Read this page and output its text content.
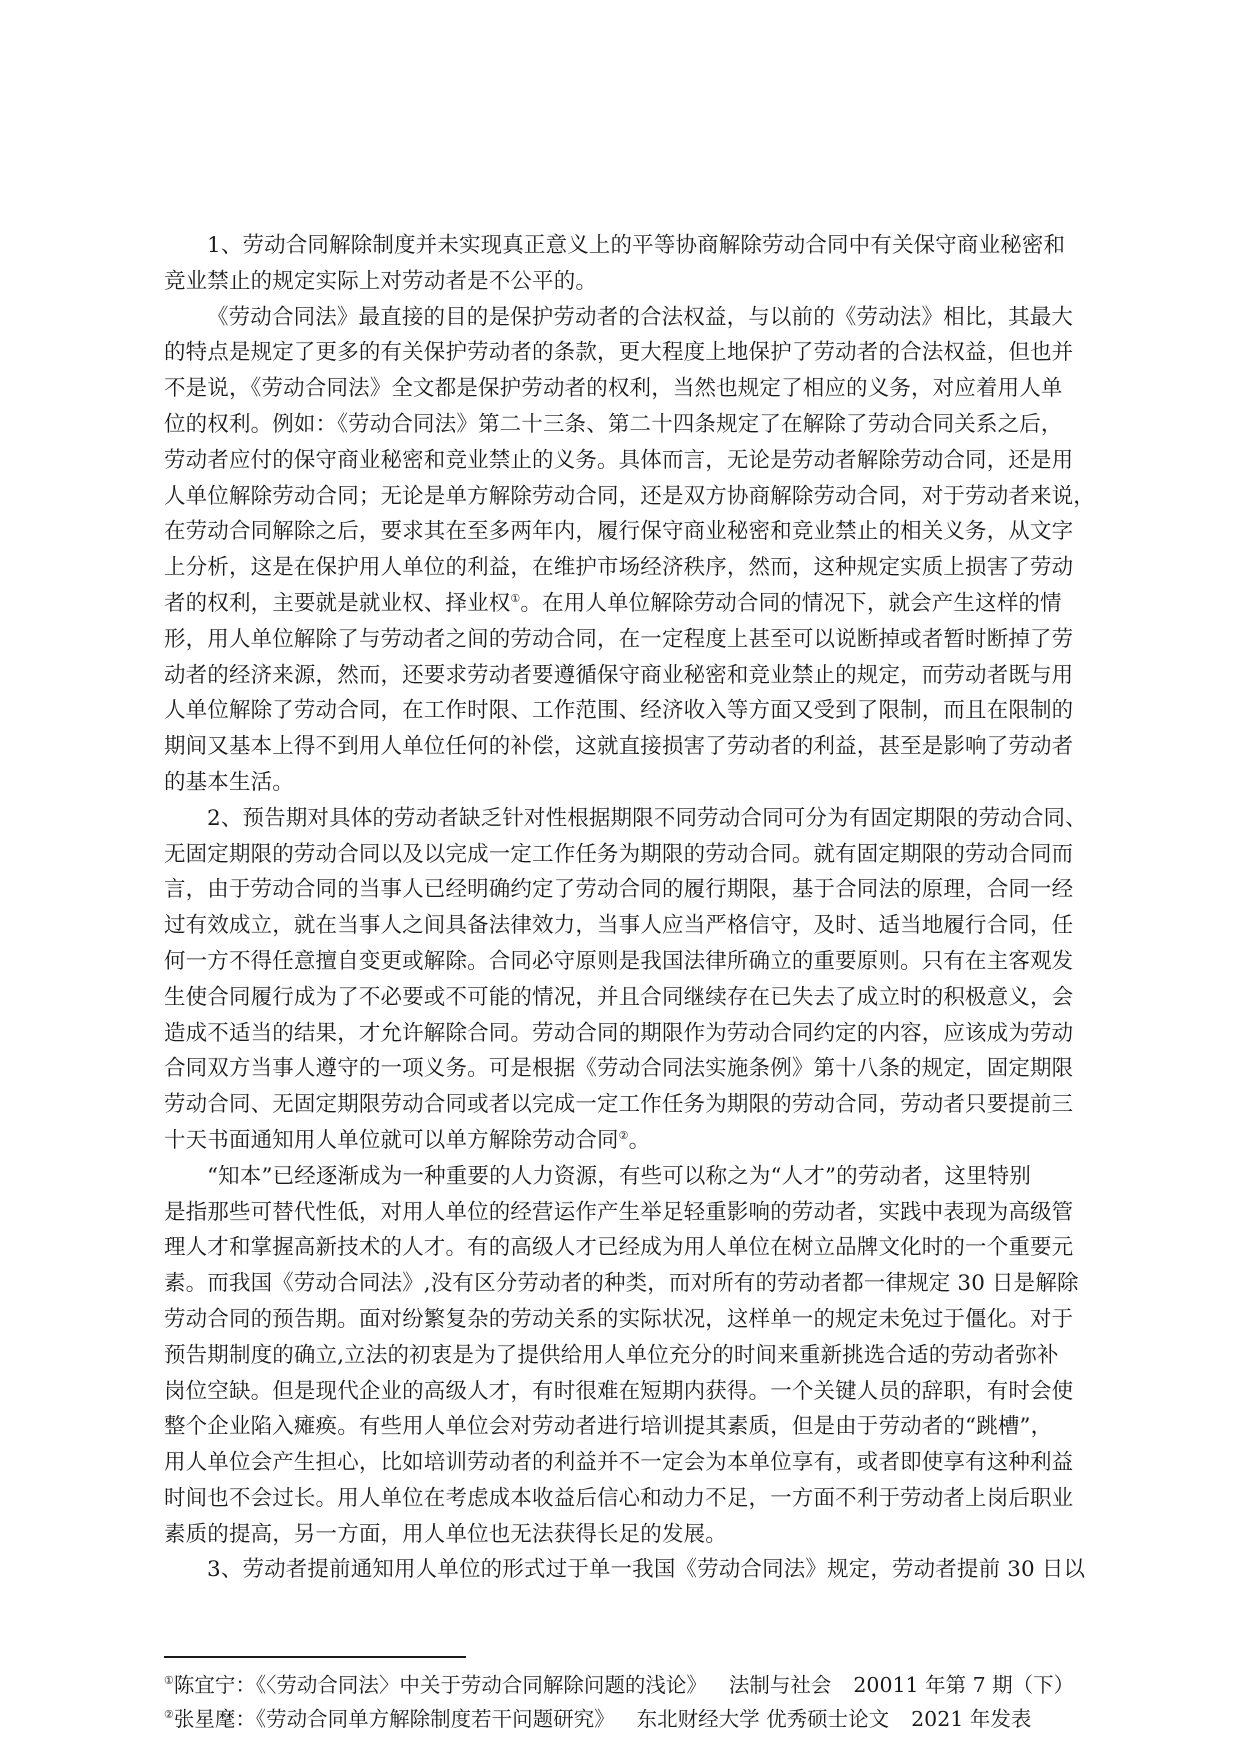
1、劳动合同解除制度并未实现真正意义上的平等协商解除劳动合同中有关保守商业秘密和
竞业禁止的规定实际上对劳动者是不公平的。
《劳动合同法》最直接的目的是保护劳动者的合法权益，与以前的《劳动法》相比，其最大
的特点是规定了更多的有关保护劳动者的条款，更大程度上地保护了劳动者的合法权益，但也并
不是说，《劳动合同法》全文都是保护劳动者的权利，当然也规定了相应的义务，对应着用人单
位的权利。例如：《劳动合同法》第二十三条、第二十四条规定了在解除了劳动合同关系之后，
劳动者应付的保守商业秘密和竞业禁止的义务。具体而言，无论是劳动者解除劳动合同，还是用
人单位解除劳动合同；无论是单方解除劳动合同，还是双方协商解除劳动合同，对于劳动者来说，
在劳动合同解除之后，要求其在至多两年内，履行保守商业秘密和竞业禁止的相关义务，从文字
上分析，这是在保护用人单位的利益，在维护市场经济秩序，然而，这种规定实质上损害了劳动
者的权利，主要就是就业权、择业权①。在用人单位解除劳动合同的情况下，就会产生这样的情
形，用人单位解除了与劳动者之间的劳动合同，在一定程度上甚至可以说断掉或者暂时断掉了劳
动者的经济来源，然而，还要求劳动者要遵循保守商业秘密和竞业禁止的规定，而劳动者既与用
人单位解除了劳动合同，在工作时限、工作范围、经济收入等方面又受到了限制，而且在限制的
期间又基本上得不到用人单位任何的补偿，这就直接损害了劳动者的利益，甚至是影响了劳动者
的基本生活。
2、预告期对具体的劳动者缺乏针对性根据期限不同劳动合同可分为有固定期限的劳动合同、
无固定期限的劳动合同以及以完成一定工作任务为期限的劳动合同。就有固定期限的劳动合同而
言，由于劳动合同的当事人已经明确约定了劳动合同的履行期限，基于合同法的原理，合同一经
过有效成立，就在当事人之间具备法律效力，当事人应当严格信守，及时、适当地履行合同，任
何一方不得任意擅自变更或解除。合同必守原则是我国法律所确立的重要原则。只有在主客观发
生使合同履行成为了不必要或不可能的情况，并且合同继续存在已失去了成立时的积极意义，会
造成不适当的结果，才允许解除合同。劳动合同的期限作为劳动合同约定的内容，应该成为劳动
合同双方当事人遵守的一项义务。可是根据《劳动合同法实施条例》第十八条的规定，固定期限
劳动合同、无固定期限劳动合同或者以完成一定工作任务为期限的劳动合同，劳动者只要提前三
十天书面通知用人单位就可以单方解除劳动合同②。
“知本”已经逐渐成为一种重要的人力资源，有些可以称之为“人才”的劳动者，这里特别
是指那些可替代性低，对用人单位的经营运作产生举足轻重影响的劳动者，实践中表现为高级管
理人才和掌握高新技术的人才。有的高级人才已经成为用人单位在树立品牌文化时的一个重要元
素。而我国《劳动合同法》,没有区分劳动者的种类，而对所有的劳动者都一律规定 30 日是解除
劳动合同的预告期。面对纷繁复杂的劳动关系的实际状况，这样单一的规定未免过于僵化。对于
预告期制度的确立,立法的初衷是为了提供给用人单位充分的时间来重新挑选合适的劳动者弥补
岗位空缺。但是现代企业的高级人才，有时很难在短期内获得。一个关键人员的辞职，有时会使
整个企业陷入瘫痪。有些用人单位会对劳动者进行培训提其素质，但是由于劳动者的“跳槽”，
用人单位会产生担心，比如培训劳动者的利益并不一定会为本单位享有，或者即使享有这种利益
时间也不会过长。用人单位在考虑成本收益后信心和动力不足，一方面不利于劳动者上岗后职业
素质的提高，另一方面，用人单位也无法获得长足的发展。
3、劳动者提前通知用人单位的形式过于单一我国《劳动合同法》规定，劳动者提前 30 日以
①陈宜宁：《〈劳动合同法〉中关于劳动合同解除问题的浅论》 法制与社会 20011 年第 7 期（下）
②张星麾：《劳动合同单方解除制度若干问题研究》 东北财经大学 优秀硕士论文 2021 年发表
